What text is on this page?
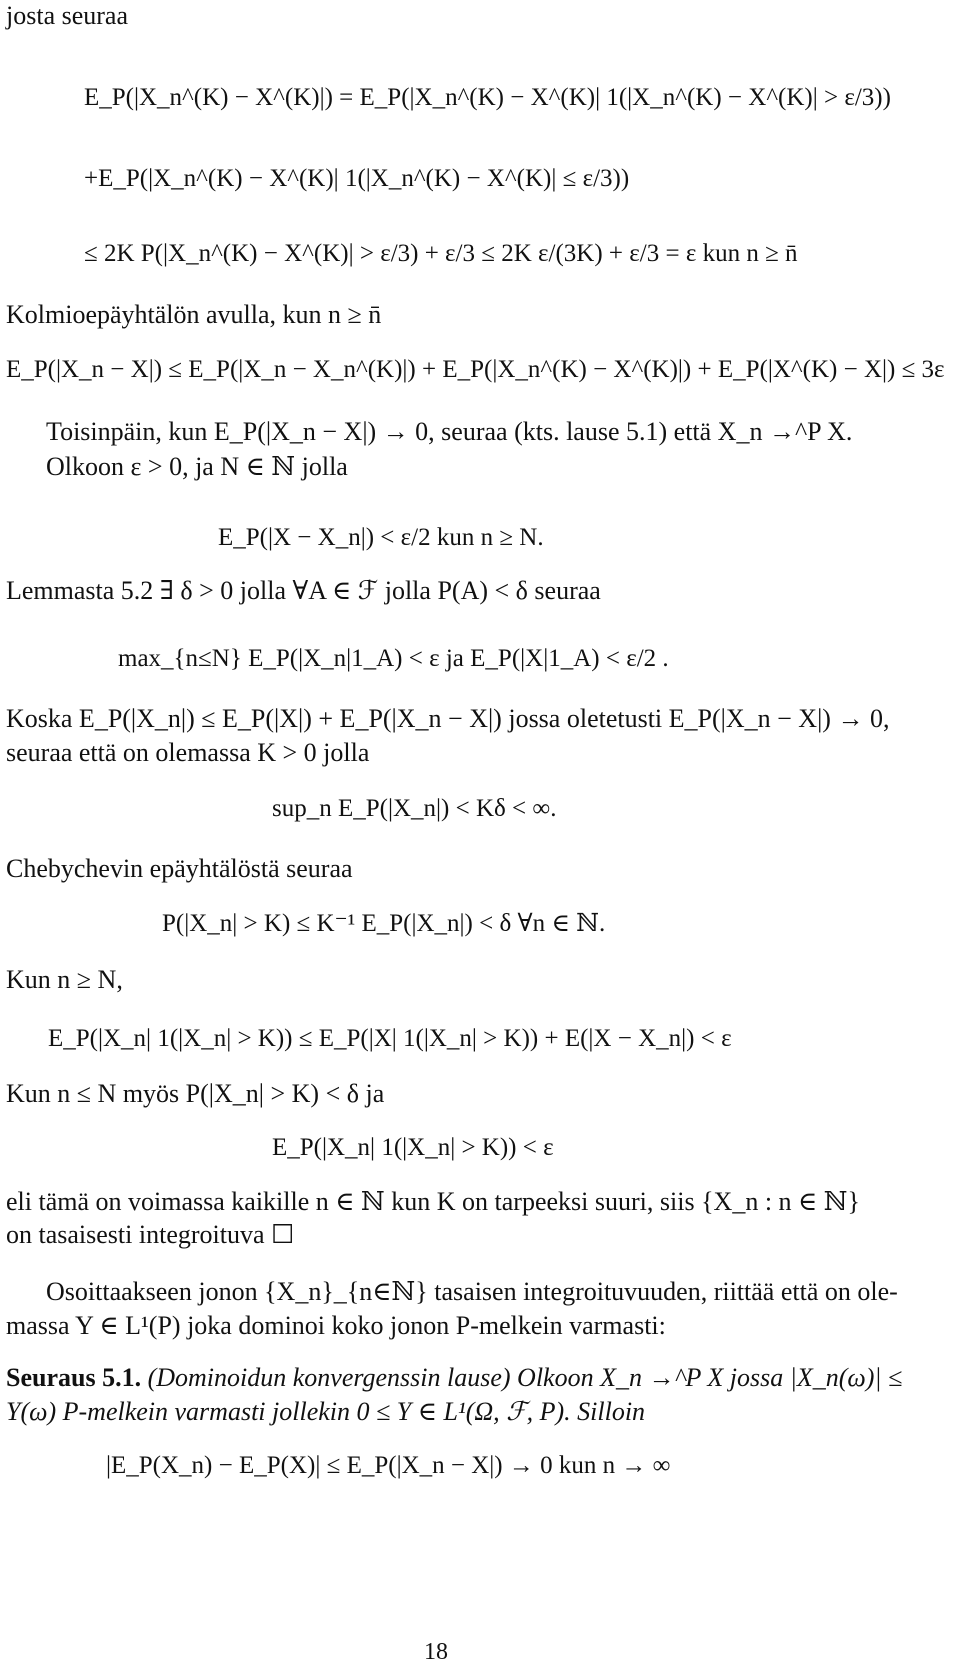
josta seuraa
E_P(|X_n^(K) − X^(K)|) = E_P(|X_n^(K) − X^(K)| 1(|X_n^(K) − X^(K)| > ε/3))
+E_P(|X_n^(K) − X^(K)| 1(|X_n^(K) − X^(K)| ≤ ε/3))
≤ 2K P(|X_n^(K) − X^(K)| > ε/3) + ε/3 ≤ 2K ε/(3K) + ε/3 = ε kun n ≥ n̄
Kolmioepäyhtälön avulla, kun n ≥ n̄
E_P(|X_n − X|) ≤ E_P(|X_n − X_n^(K)|) + E_P(|X_n^(K) − X^(K)|) + E_P(|X^(K) − X|) ≤ 3ε
Toisinpäin, kun E_P(|X_n − X|) → 0, seuraa (kts. lause 5.1) että X_n →^P X.
Olkoon ε > 0, ja N ∈ ℕ jolla
E_P(|X − X_n|) < ε/2 kun n ≥ N.
Lemmasta 5.2 ∃ δ > 0 jolla ∀A ∈ ℱ jolla P(A) < δ seuraa
max_{n≤N} E_P(|X_n|1_A) < ε ja E_P(|X|1_A) < ε/2 .
Koska E_P(|X_n|) ≤ E_P(|X|) + E_P(|X_n − X|) jossa oletetusti E_P(|X_n − X|) → 0,
seuraa että on olemassa K > 0 jolla
sup_n E_P(|X_n|) < Kδ < ∞.
Chebychevin epäyhtälöstä seuraa
P(|X_n| > K) ≤ K⁻¹ E_P(|X_n|) < δ ∀n ∈ ℕ.
Kun n ≥ N,
E_P(|X_n| 1(|X_n| > K)) ≤ E_P(|X| 1(|X_n| > K)) + E(|X − X_n|) < ε
Kun n ≤ N myös P(|X_n| > K) < δ ja
E_P(|X_n| 1(|X_n| > K)) < ε
eli tämä on voimassa kaikille n ∈ ℕ kun K on tarpeeksi suuri, siis {X_n : n ∈ ℕ}
on tasaisesti integroituva ☐
Osoittaakseen jonon {X_n}_{n∈ℕ} tasaisen integroituvuuden, riittää että on ole-
massa Y ∈ L¹(P) joka dominoi koko jonon P-melkein varmasti:
Seuraus 5.1. (Dominoidun konvergenssin lause) Olkoon X_n →^P X jossa |X_n(ω)| ≤
Y(ω) P-melkein varmasti jollekin 0 ≤ Y ∈ L¹(Ω, ℱ, P). Silloin
|E_P(X_n) − E_P(X)| ≤ E_P(|X_n − X|) → 0 kun n → ∞
18
